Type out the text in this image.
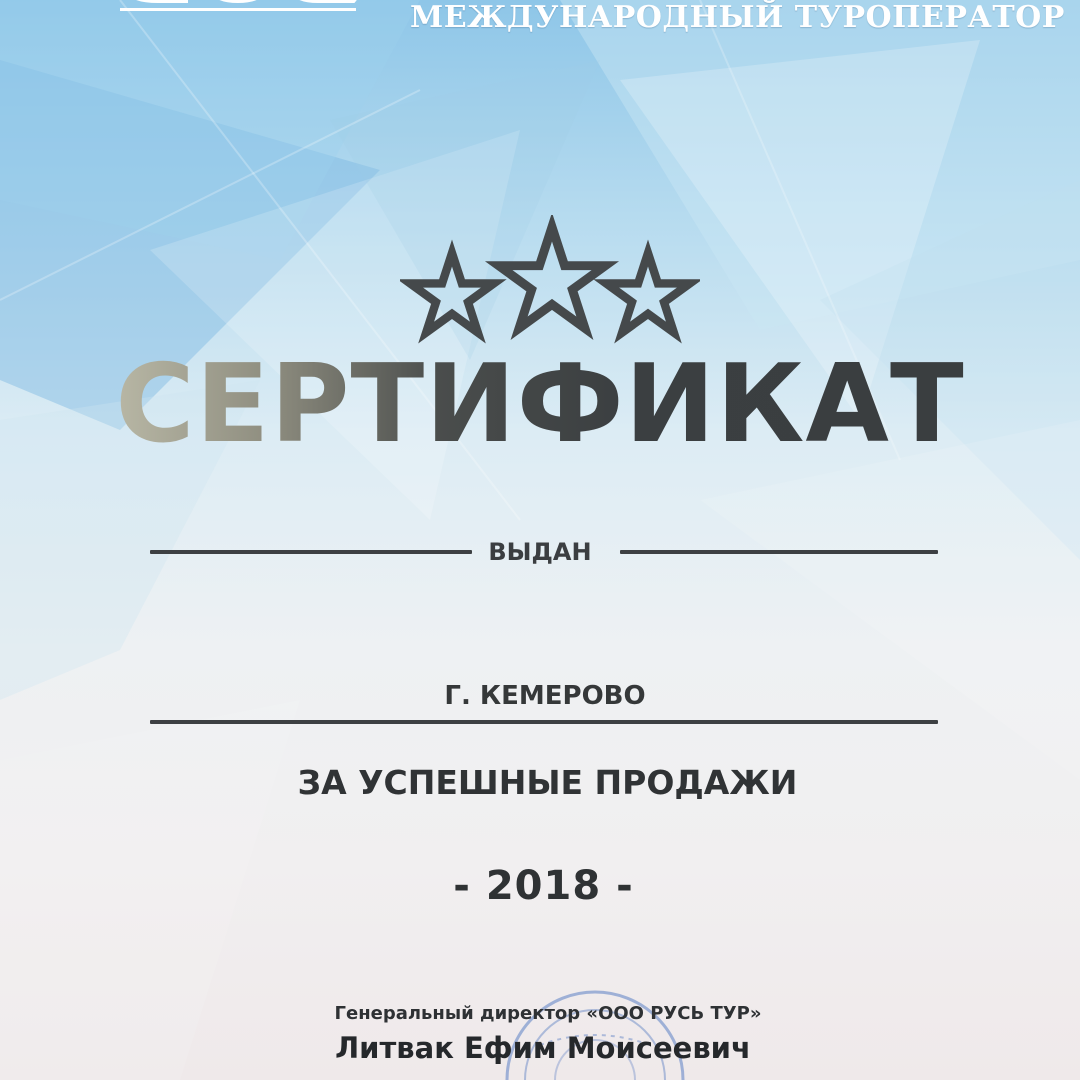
МЕЖДУНАРОДНЫЙ ТУРОПЕРАТОР
СЕРТИФИКАТ
ВЫДАН
Г. КЕМЕРОВО
ЗА УСПЕШНЫЕ ПРОДАЖИ
- 2018 -
Генеральный директор «ООО РУСЬ ТУР»
Литвак Ефим Моисеевич
